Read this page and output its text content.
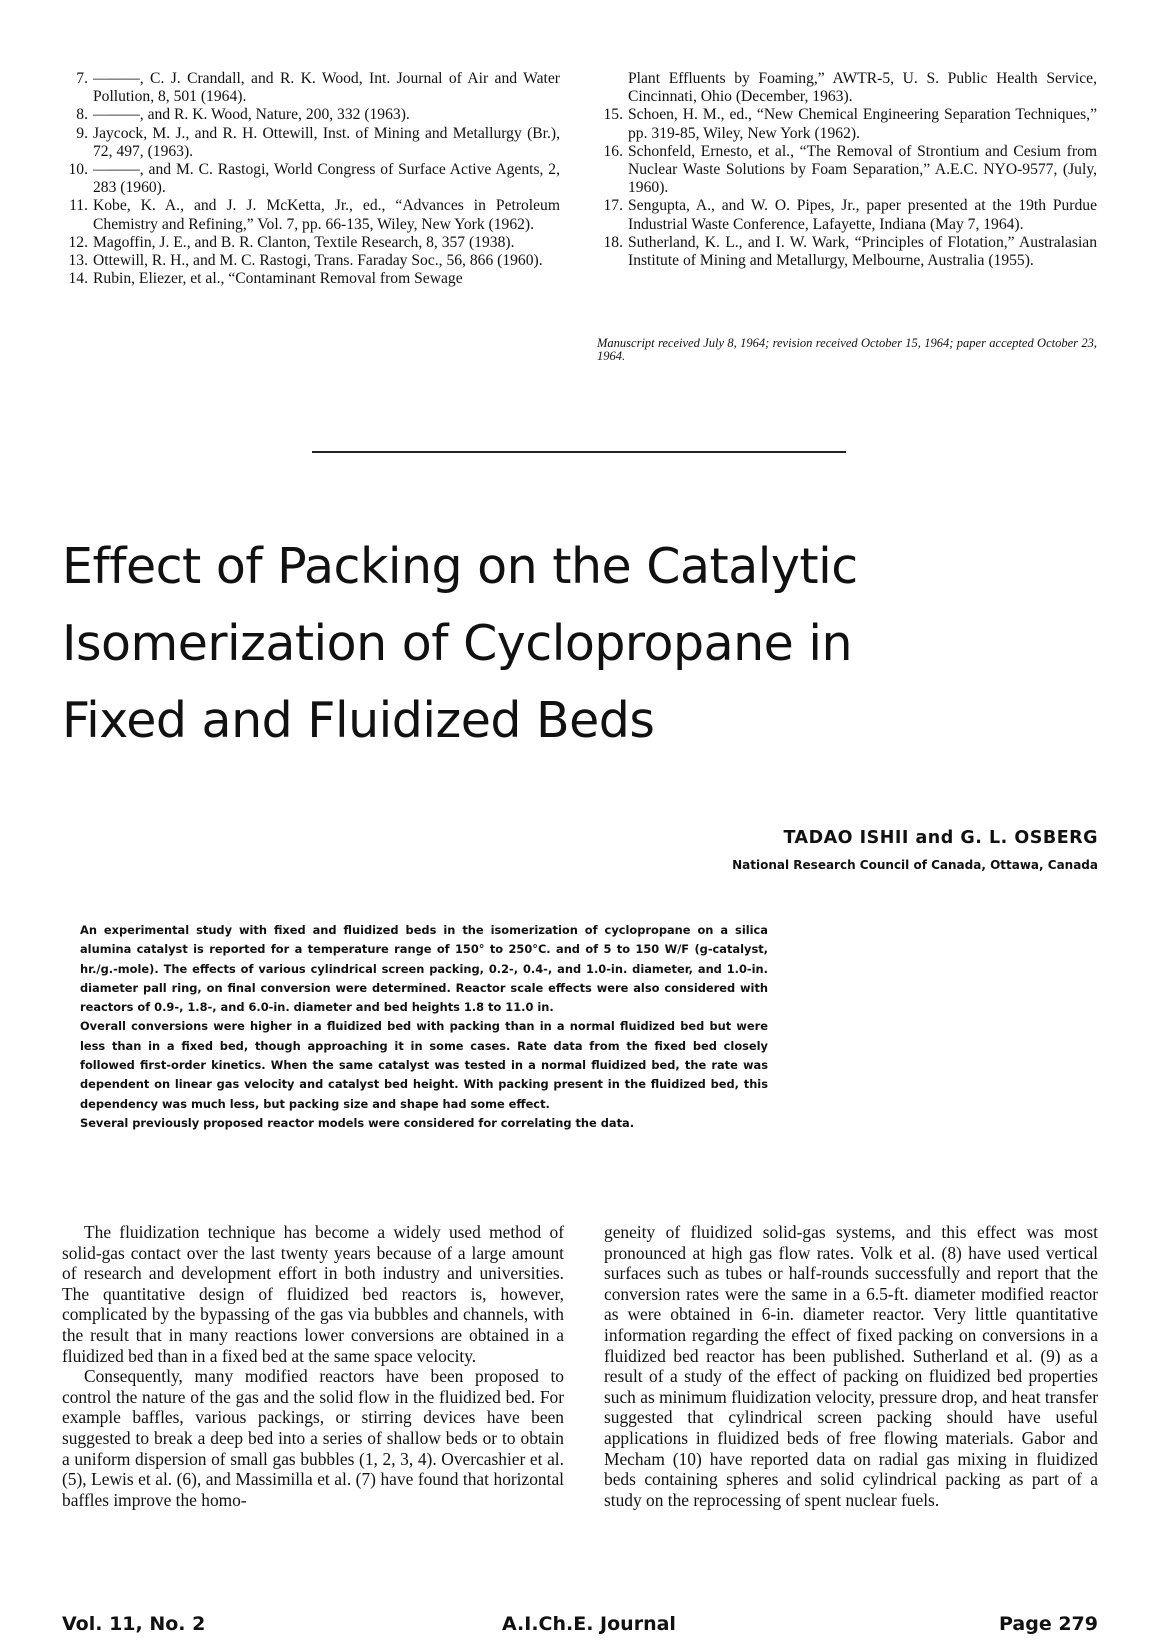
7. ———, C. J. Crandall, and R. K. Wood, Int. Journal of Air and Water Pollution, 8, 501 (1964).
8. ———, and R. K. Wood, Nature, 200, 332 (1963).
9. Jaycock, M. J., and R. H. Ottewill, Inst. of Mining and Metallurgy (Br.), 72, 497, (1963).
10. ———, and M. C. Rastogi, World Congress of Surface Active Agents, 2, 283 (1960).
11. Kobe, K. A., and J. J. McKetta, Jr., ed., “Advances in Petroleum Chemistry and Refining,” Vol. 7, pp. 66-135, Wiley, New York (1962).
12. Magoffin, J. E., and B. R. Clanton, Textile Research, 8, 357 (1938).
13. Ottewill, R. H., and M. C. Rastogi, Trans. Faraday Soc., 56, 866 (1960).
14. Rubin, Eliezer, et al., “Contaminant Removal from Sewage
Plant Effluents by Foaming,” AWTR-5, U. S. Public Health Service, Cincinnati, Ohio (December, 1963).
15. Schoen, H. M., ed., “New Chemical Engineering Separation Techniques,” pp. 319-85, Wiley, New York (1962).
16. Schonfeld, Ernesto, et al., “The Removal of Strontium and Cesium from Nuclear Waste Solutions by Foam Separation,” A.E.C. NYO-9577, (July, 1960).
17. Sengupta, A., and W. O. Pipes, Jr., paper presented at the 19th Purdue Industrial Waste Conference, Lafayette, Indiana (May 7, 1964).
18. Sutherland, K. L., and I. W. Wark, “Principles of Flotation,” Australasian Institute of Mining and Metallurgy, Melbourne, Australia (1955).
Manuscript received July 8, 1964; revision received October 15, 1964; paper accepted October 23, 1964.
Effect of Packing on the Catalytic
Isomerization of Cyclopropane in
Fixed and Fluidized Beds
TADAO ISHII and G. L. OSBERG
National Research Council of Canada, Ottawa, Canada

An experimental study with fixed and fluidized beds in the isomerization of cyclopropane on a silica alumina catalyst is reported for a temperature range of 150° to 250°C. and of 5 to 150 W/F (g-catalyst, hr./g.-mole). The effects of various cylindrical screen packing, 0.2-, 0.4-, and 1.0-in. diameter, and 1.0-in. diameter pall ring, on final conversion were determined. Reactor scale effects were also considered with reactors of 0.9-, 1.8-, and 6.0-in. diameter and bed heights 1.8 to 11.0 in.

Overall conversions were higher in a fluidized bed with packing than in a normal fluidized bed but were less than in a fixed bed, though approaching it in some cases. Rate data from the fixed bed closely followed first-order kinetics. When the same catalyst was tested in a normal fluidized bed, the rate was dependent on linear gas velocity and catalyst bed height. With packing present in the fluidized bed, this dependency was much less, but packing size and shape had some effect.

Several previously proposed reactor models were considered for correlating the data.

The fluidization technique has become a widely used method of solid-gas contact over the last twenty years because of a large amount of research and development effort in both industry and universities. The quantitative design of fluidized bed reactors is, however, complicated by the bypassing of the gas via bubbles and channels, with the result that in many reactions lower conversions are obtained in a fluidized bed than in a fixed bed at the same space velocity.

Consequently, many modified reactors have been proposed to control the nature of the gas and the solid flow in the fluidized bed. For example baffles, various packings, or stirring devices have been suggested to break a deep bed into a series of shallow beds or to obtain a uniform dispersion of small gas bubbles (1, 2, 3, 4). Overcashier et al. (5), Lewis et al. (6), and Massimilla et al. (7) have found that horizontal baffles improve the homo-

geneity of fluidized solid-gas systems, and this effect was most pronounced at high gas flow rates. Volk et al. (8) have used vertical surfaces such as tubes or half-rounds successfully and report that the conversion rates were the same in a 6.5-ft. diameter modified reactor as were obtained in 6-in. diameter reactor. Very little quantitative information regarding the effect of fixed packing on conversions in a fluidized bed reactor has been published. Sutherland et al. (9) as a result of a study of the effect of packing on fluidized bed properties such as minimum fluidization velocity, pressure drop, and heat transfer suggested that cylindrical screen packing should have useful applications in fluidized beds of free flowing materials. Gabor and Mecham (10) have reported data on radial gas mixing in fluidized beds containing spheres and solid cylindrical packing as part of a study on the reprocessing of spent nuclear fuels.

Vol. 11, No. 2	A.I.Ch.E. Journal	Page 279
